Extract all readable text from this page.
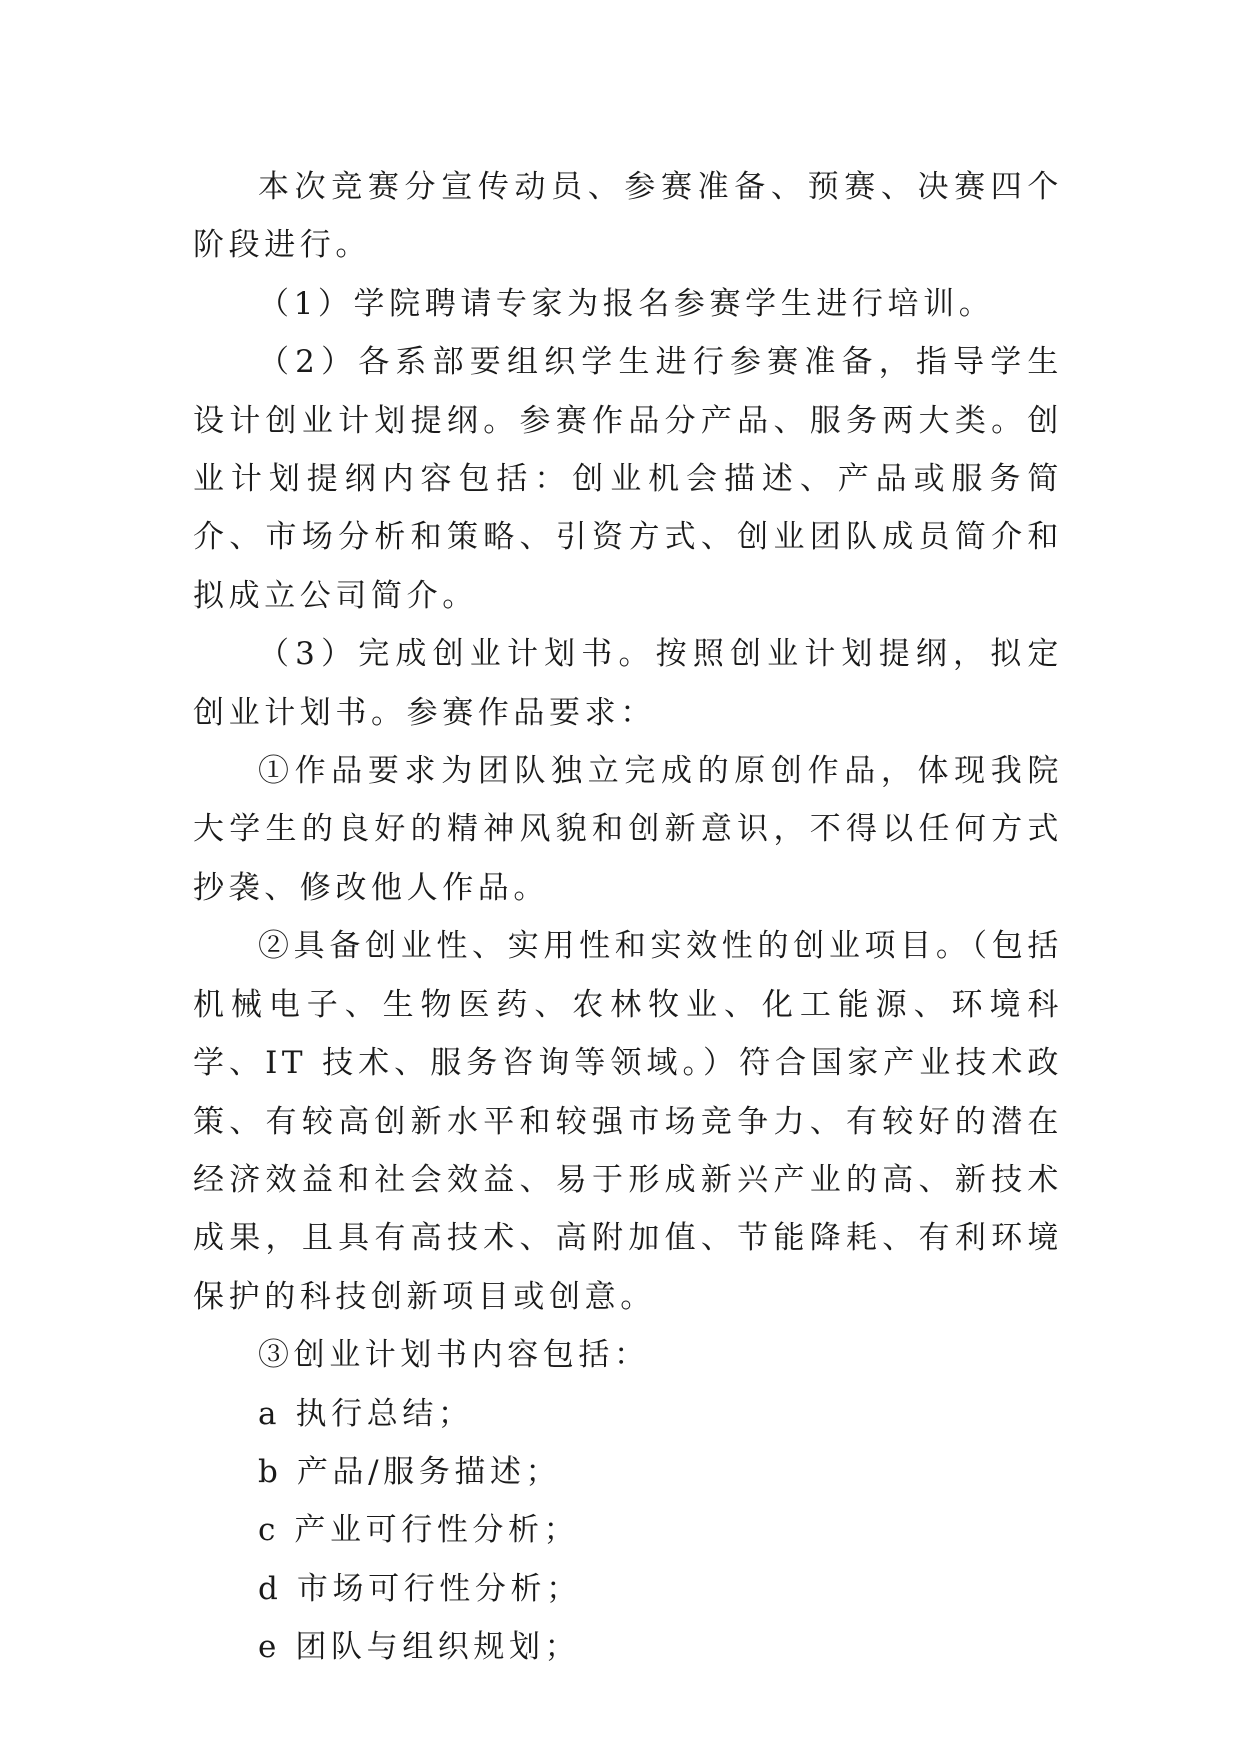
本次竞赛分宣传动员、参赛准备、预赛、决赛四个阶段进行。

（1）学院聘请专家为报名参赛学生进行培训。

（2）各系部要组织学生进行参赛准备，指导学生设计创业计划提纲。参赛作品分产品、服务两大类。创业计划提纲内容包括：创业机会描述、产品或服务简介、市场分析和策略、引资方式、创业团队成员简介和拟成立公司简介。

（3）完成创业计划书。按照创业计划提纲，拟定创业计划书。参赛作品要求：

①作品要求为团队独立完成的原创作品，体现我院大学生的良好的精神风貌和创新意识，不得以任何方式抄袭、修改他人作品。

②具备创业性、实用性和实效性的创业项目。（包括机械电子、生物医药、农林牧业、化工能源、环境科学、IT 技术、服务咨询等领域。）符合国家产业技术政策、有较高创新水平和较强市场竞争力、有较好的潜在经济效益和社会效益、易于形成新兴产业的高、新技术成果，且具有高技术、高附加值、节能降耗、有利环境保护的科技创新项目或创意。

③创业计划书内容包括：

a 执行总结；

b 产品/服务描述；

c 产业可行性分析；

d 市场可行性分析；

e 团队与组织规划；
